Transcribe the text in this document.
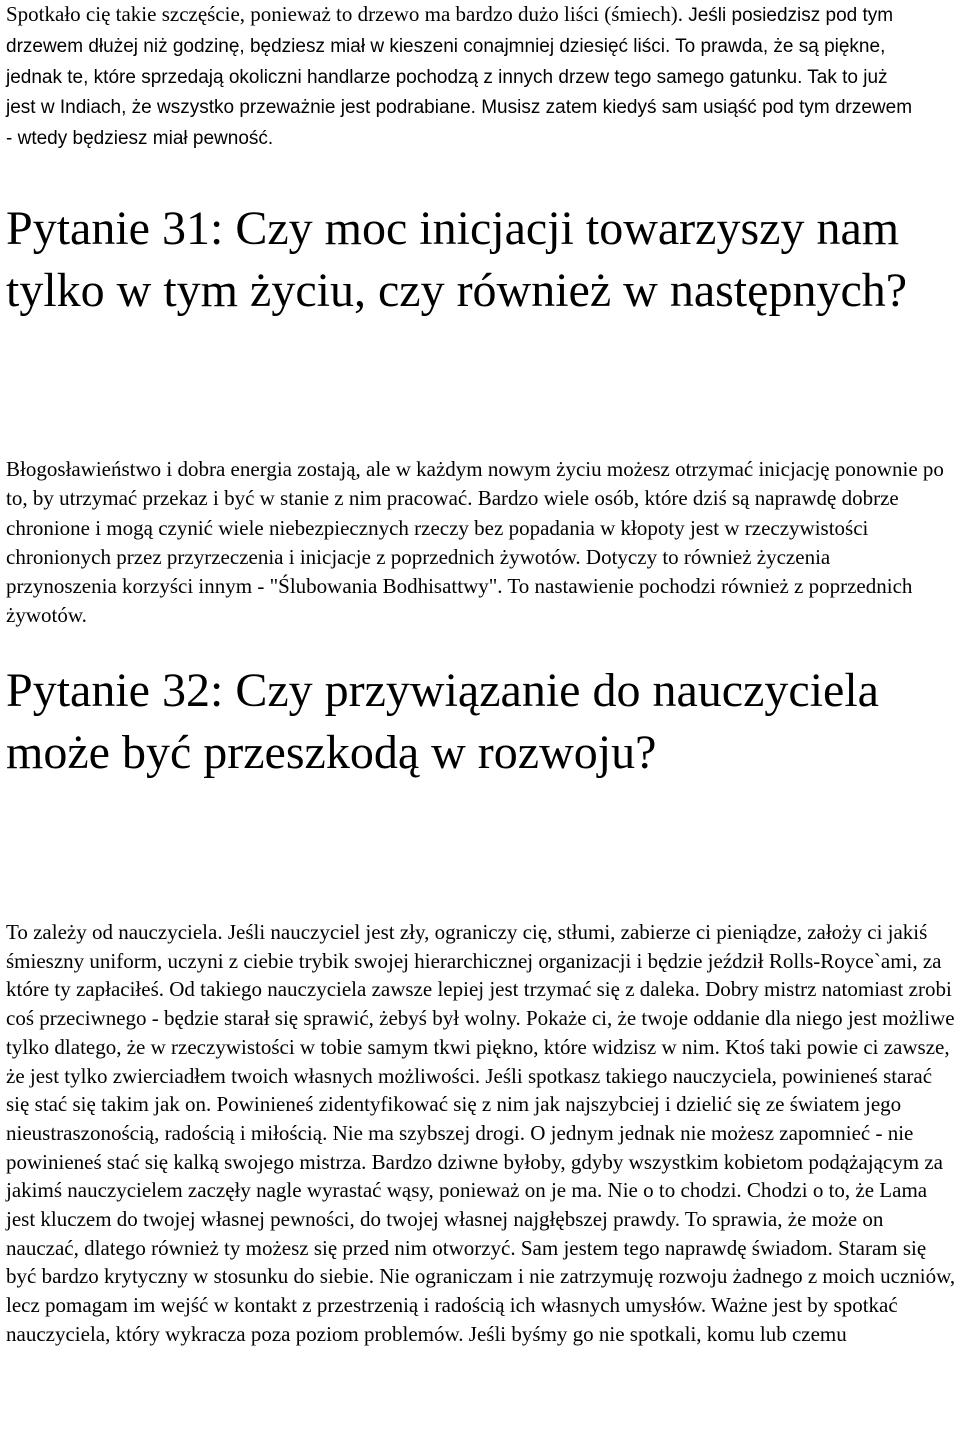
Spotkało cię takie szczęście, ponieważ to drzewo ma bardzo dużo liści (śmiech). Jeśli posiedzisz pod tym drzewem dłużej niż godzinę, będziesz miał w kieszeni conajmniej dziesięć liści. To prawda, że są piękne, jednak te, które sprzedają okoliczni handlarze pochodzą z innych drzew tego samego gatunku. Tak to już jest w Indiach, że wszystko przeważnie jest podrabiane. Musisz zatem kiedyś sam usiąść pod tym drzewem - wtedy będziesz miał pewność.

Pytanie 31: Czy moc inicjacji towarzyszy nam tylko w tym życiu, czy również w następnych?

Błogosławieństwo i dobra energia zostają, ale w każdym nowym życiu możesz otrzymać inicjację ponownie po to, by utrzymać przekaz i być w stanie z nim pracować. Bardzo wiele osób, które dziś są naprawdę dobrze chronione i mogą czynić wiele niebezpiecznych rzeczy bez popadania w kłopoty jest w rzeczywistości chronionych przez przyrzeczenia i inicjacje z poprzednich żywotów. Dotyczy to również życzenia przynoszenia korzyści innym - "Ślubowania Bodhisattwy". To nastawienie pochodzi również z poprzednich żywotów.

Pytanie 32: Czy przywiązanie do nauczyciela może być przeszkodą w rozwoju?

To zależy od nauczyciela. Jeśli nauczyciel jest zły, ograniczy cię, stłumi, zabierze ci pieniądze, założy ci jakiś śmieszny uniform, uczyni z ciebie trybik swojej hierarchicznej organizacji i będzie jeździł Rolls-Royce`ami, za które ty zapłaciłeś. Od takiego nauczyciela zawsze lepiej jest trzymać się z daleka. Dobry mistrz natomiast zrobi coś przeciwnego - będzie starał się sprawić, żebyś był wolny. Pokaże ci, że twoje oddanie dla niego jest możliwe tylko dlatego, że w rzeczywistości w tobie samym tkwi piękno, które widzisz w nim. Ktoś taki powie ci zawsze, że jest tylko zwierciadłem twoich własnych możliwości. Jeśli spotkasz takiego nauczyciela, powinieneś starać się stać się takim jak on. Powinieneś zidentyfikować się z nim jak najszybciej i dzielić się ze światem jego nieustraszonością, radością i miłością. Nie ma szybszej drogi. O jednym jednak nie możesz zapomnieć - nie powinieneś stać się kalką swojego mistrza. Bardzo dziwne byłoby, gdyby wszystkim kobietom podążającym za jakimś nauczycielem zaczęły nagle wyrastać wąsy, ponieważ on je ma. Nie o to chodzi. Chodzi o to, że Lama jest kluczem do twojej własnej pewności, do twojej własnej najgłębszej prawdy. To sprawia, że może on nauczać, dlatego również ty możesz się przed nim otworzyć. Sam jestem tego naprawdę świadom. Staram się być bardzo krytyczny w stosunku do siebie. Nie ograniczam i nie zatrzymuję rozwoju żadnego z moich uczniów, lecz pomagam im wejść w kontakt z przestrzenią i radością ich własnych umysłów. Ważne jest by spotkać nauczyciela, który wykracza poza poziom problemów. Jeśli byśmy go nie spotkali, komu lub czemu
